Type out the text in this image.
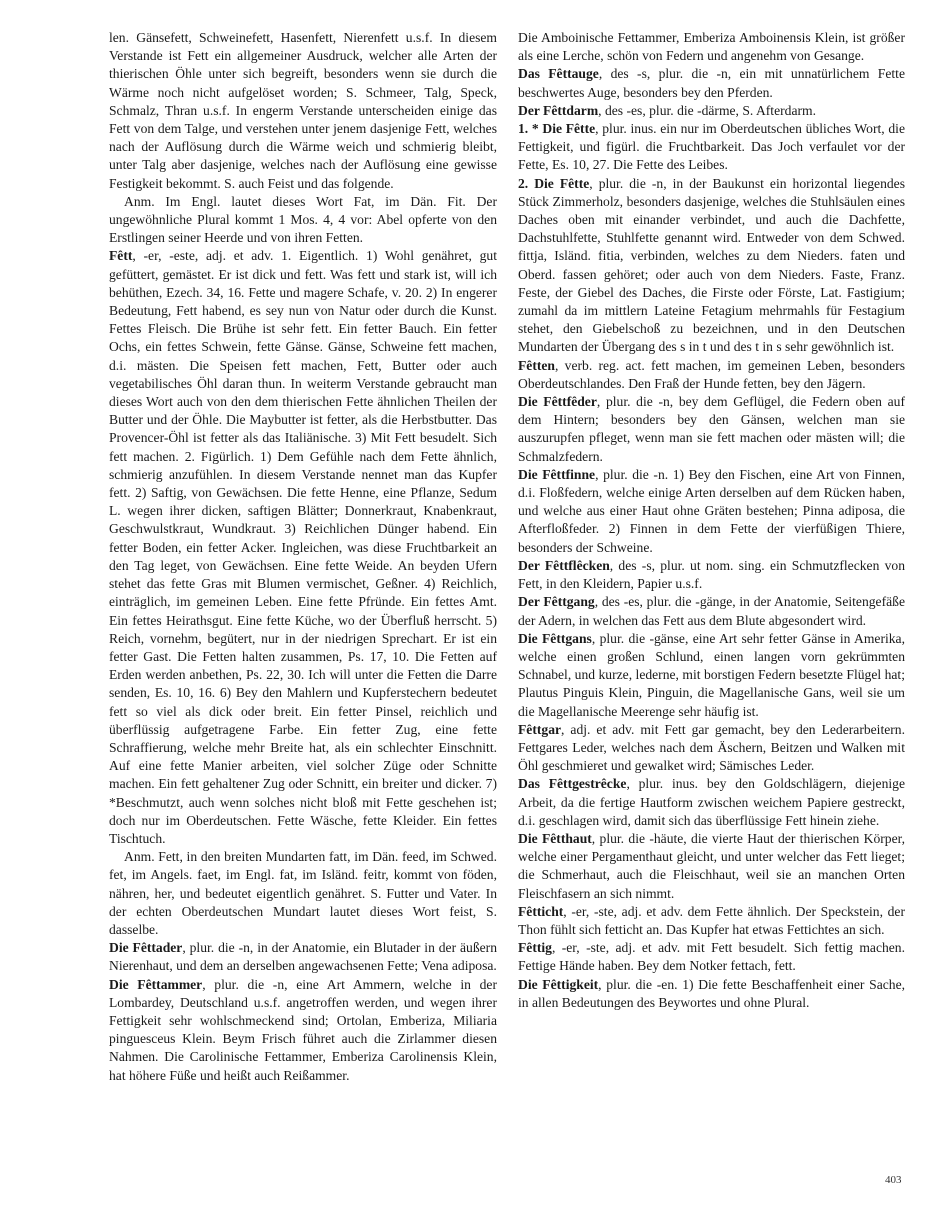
len. Gänsefett, Schweinefett, Hasenfett, Nierenfett u.s.f. In diesem Verstande ist Fett ein allgemeiner Ausdruck, welcher alle Arten der thierischen Öhle unter sich begreift, besonders wenn sie durch die Wärme noch nicht aufgelöset worden; S. Schmeer, Talg, Speck, Schmalz, Thran u.s.f. In engerm Verstande unterscheiden einige das Fett von dem Talge, und verstehen unter jenem dasjenige Fett, welches nach der Auflösung durch die Wärme weich und schmierig bleibt, unter Talg aber dasjenige, welches nach der Auflösung eine gewisse Festigkeit bekommt. S. auch Feist und das folgende.

Anm. Im Engl. lautet dieses Wort Fat, im Dän. Fit. Der ungewöhnliche Plural kommt 1 Mos. 4, 4 vor: Abel opferte von den Erstlingen seiner Heerde und von ihren Fetten.

Fêtt, -er, -este, adj. et adv. 1. Eigentlich. 1) Wohl genähret, gut gefüttert, gemästet. Er ist dick und fett. Was fett und stark ist, will ich behüthen, Ezech. 34, 16. Fette und magere Schafe, v. 20. 2) In engerer Bedeutung, Fett habend, es sey nun von Natur oder durch die Kunst. Fettes Fleisch. Die Brühe ist sehr fett. Ein fetter Bauch. Ein fetter Ochs, ein fettes Schwein, fette Gänse. Gänse, Schweine fett machen, d.i. mästen. Die Speisen fett machen, Fett, Butter oder auch vegetabilisches Öhl daran thun. In weiterm Verstande gebraucht man dieses Wort auch von den dem thierischen Fette ähnlichen Theilen der Butter und der Öhle. Die Maybutter ist fetter, als die Herbstbutter. Das Provencer-Öhl ist fetter als das Italiänische. 3) Mit Fett besudelt. Sich fett machen. 2. Figürlich. 1) Dem Gefühle nach dem Fette ähnlich, schmierig anzufühlen. In diesem Verstande nennet man das Kupfer fett. 2) Saftig, von Gewächsen. Die fette Henne, eine Pflanze, Sedum L. wegen ihrer dicken, saftigen Blätter; Donnerkraut, Knabenkraut, Geschwulstkraut, Wundkraut. 3) Reichlichen Dünger habend. Ein fetter Boden, ein fetter Acker. Ingleichen, was diese Fruchtbarkeit an den Tag leget, von Gewächsen. Eine fette Weide. An beyden Ufern stehet das fette Gras mit Blumen vermischet, Geßner. 4) Reichlich, einträglich, im gemeinen Leben. Eine fette Pfründe. Ein fettes Amt. Ein fettes Heirathsgut. Eine fette Küche, wo der Überfluß herrscht. 5) Reich, vornehm, begütert, nur in der niedrigen Sprechart. Er ist ein fetter Gast. Die Fetten halten zusammen, Ps. 17, 10. Die Fetten auf Erden werden anbethen, Ps. 22, 30. Ich will unter die Fetten die Darre senden, Es. 10, 16. 6) Bey den Mahlern und Kupferstechern bedeutet fett so viel als dick oder breit. Ein fetter Pinsel, reichlich und überflüssig aufgetragene Farbe. Ein fetter Zug, eine fette Schraffierung, welche mehr Breite hat, als ein schlechter Einschnitt. Auf eine fette Manier arbeiten, viel solcher Züge oder Schnitte machen. Ein fett gehaltener Zug oder Schnitt, ein breiter und dicker. 7) *Beschmutzt, auch wenn solches nicht bloß mit Fette geschehen ist; doch nur im Oberdeutschen. Fette Wäsche, fette Kleider. Ein fettes Tischtuch.

Anm. Fett, in den breiten Mundarten fatt, im Dän. feed, im Schwed. fet, im Angels. faet, im Engl. fat, im Isländ. feitr, kommt von föden, nähren, her, und bedeutet eigentlich genähret. S. Futter und Vater. In der echten Oberdeutschen Mundart lautet dieses Wort feist, S. dasselbe.

Die Fêttader, plur. die -n, in der Anatomie, ein Blutader in der äußern Nierenhaut, und dem an derselben angewachsenen Fette; Vena adiposa.

Die Fêttammer, plur. die -n, eine Art Ammern, welche in der Lombardey, Deutschland u.s.f. angetroffen werden, und wegen ihrer Fettigkeit sehr wohlschmeckend sind; Ortolan, Emberiza, Miliaria pinguesceus Klein. Beym Frisch führet auch die Zirlammer diesen Nahmen. Die Carolinische Fettammer, Emberiza Carolinensis Klein, hat höhere Füße und heißt auch Reißammer.

Die Amboinische Fettammer, Emberiza Amboinensis Klein, ist größer als eine Lerche, schön von Federn und angenehm von Gesange.

Das Fêttauge, des -s, plur. die -n, ein mit unnatürlichem Fette beschwertes Auge, besonders bey den Pferden.

Der Fêttdarm, des -es, plur. die -därme, S. Afterdarm.

1. * Die Fêtte, plur. inus. ein nur im Oberdeutschen übliches Wort, die Fettigkeit, und figürl. die Fruchtbarkeit. Das Joch verfaulet vor der Fette, Es. 10, 27. Die Fette des Leibes.

2. Die Fêtte, plur. die -n, in der Baukunst ein horizontal liegendes Stück Zimmerholz, besonders dasjenige, welches die Stuhlsäulen eines Daches oben mit einander verbindet, und auch die Dachfette, Dachstuhlfette, Stuhlfette genannt wird. Entweder von dem Schwed. fittja, Isländ. fitia, verbinden, welches zu dem Nieders. faten und Oberd. fassen gehöret; oder auch von dem Nieders. Faste, Franz. Feste, der Giebel des Daches, die Firste oder Förste, Lat. Fastigium; zumahl da im mittlern Lateine Fetagium mehrmahls für Festagium stehet, den Giebelschoß zu bezeichnen, und in den Deutschen Mundarten der Übergang des s in t und des t in s sehr gewöhnlich ist.

Fêtten, verb. reg. act. fett machen, im gemeinen Leben, besonders Oberdeutschlandes. Den Fraß der Hunde fetten, bey den Jägern.

Die Fêttfêder, plur. die -n, bey dem Geflügel, die Federn oben auf dem Hintern; besonders bey den Gänsen, welchen man sie auszurupfen pfleget, wenn man sie fett machen oder mästen will; die Schmalzfedern.

Die Fêttfinne, plur. die -n. 1) Bey den Fischen, eine Art von Finnen, d.i. Floßfedern, welche einige Arten derselben auf dem Rücken haben, und welche aus einer Haut ohne Gräten bestehen; Pinna adiposa, die Afterfloßfeder. 2) Finnen in dem Fette der vierfüßigen Thiere, besonders der Schweine.

Der Fêttflêcken, des -s, plur. ut nom. sing. ein Schmutzflecken von Fett, in den Kleidern, Papier u.s.f.

Der Fêttgang, des -es, plur. die -gänge, in der Anatomie, Seitengefäße der Adern, in welchen das Fett aus dem Blute abgesondert wird.

Die Fêttgans, plur. die -gänse, eine Art sehr fetter Gänse in Amerika, welche einen großen Schlund, einen langen vorn gekrümmten Schnabel, und kurze, lederne, mit borstigen Federn besetzte Flügel hat; Plautus Pinguis Klein, Pinguin, die Magellanische Gans, weil sie um die Magellanische Meerenge sehr häufig ist.

Fêttgar, adj. et adv. mit Fett gar gemacht, bey den Lederarbeitern. Fettgares Leder, welches nach dem Äschern, Beitzen und Walken mit Öhl geschmieret und gewalket wird; Sämisches Leder.

Das Fêttgestrêcke, plur. inus. bey den Goldschlägern, diejenige Arbeit, da die fertige Hautform zwischen weichem Papiere gestreckt, d.i. geschlagen wird, damit sich das überflüssige Fett hinein ziehe.

Die Fêtthaut, plur. die -häute, die vierte Haut der thierischen Körper, welche einer Pergamenthaut gleicht, und unter welcher das Fett lieget; die Schmerhaut, auch die Fleischhaut, weil sie an manchen Orten Fleischfasern an sich nimmt.

Fêtticht, -er, -ste, adj. et adv. dem Fette ähnlich. Der Speckstein, der Thon fühlt sich fetticht an. Das Kupfer hat etwas Fettichtes an sich.

Fêttig, -er, -ste, adj. et adv. mit Fett besudelt. Sich fettig machen. Fettige Hände haben. Bey dem Notker fettach, fett.

Die Fêttigkeit, plur. die -en. 1) Die fette Beschaffenheit einer Sache, in allen Bedeutungen des Beywortes und ohne Plural.

403
